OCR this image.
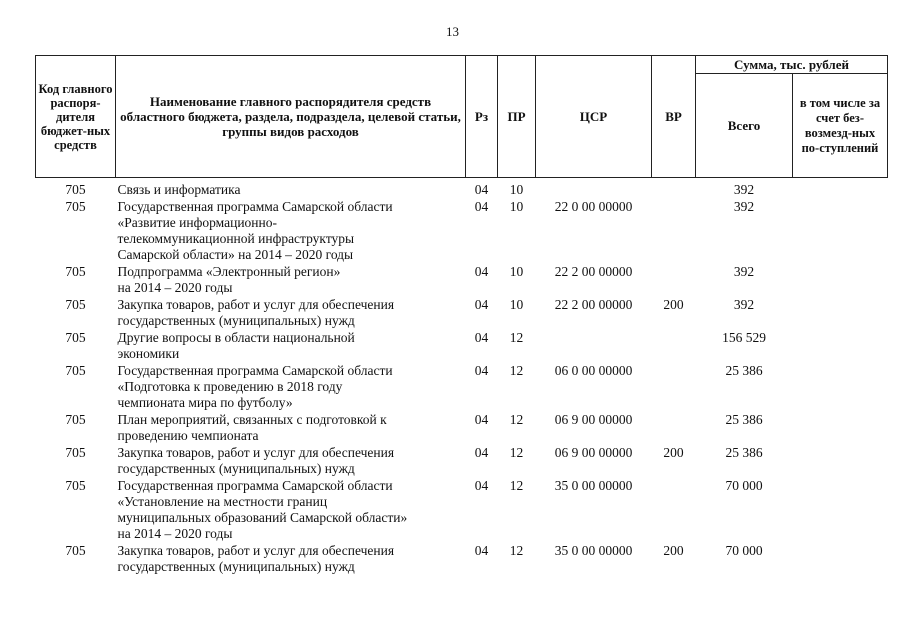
13
Код главного распоря-дителя бюджет-ных средств	Наименование главного распорядителя средств областного бюджета, раздела, подраздела, целевой статьи, группы видов расходов	Рз	ПР	ЦСР	ВР	Сумма, тыс. рублей	
						Всего	в том числе за счет без-возмезд-ных по-ступлений

705	Связь и информатика	04	10			392	
705	Государственная программа Самарской области
«Развитие информационно-
телекоммуникационной инфраструктуры
Самарской области» на 2014 – 2020 годы	04	10	22 0 00 00000		392	
705	Подпрограмма «Электронный регион»
на 2014 – 2020 годы	04	10	22 2 00 00000		392	
705	Закупка товаров, работ и услуг для обеспечения
государственных (муниципальных) нужд	04	10	22 2 00 00000	200	392	
705	Другие вопросы в области национальной
экономики	04	12			156 529	
705	Государственная программа Самарской области
«Подготовка к проведению в 2018 году
чемпионата мира по футболу»	04	12	06 0 00 00000		25 386	
705	План мероприятий, связанных с подготовкой к
проведению чемпионата	04	12	06 9 00 00000		25 386	
705	Закупка товаров, работ и услуг для обеспечения
государственных (муниципальных) нужд	04	12	06 9 00 00000	200	25 386	
705	Государственная программа Самарской области
«Установление на местности границ
муниципальных образований Самарской области»
на 2014 – 2020 годы	04	12	35 0 00 00000		70 000	
705	Закупка товаров, работ и услуг для обеспечения
государственных (муниципальных) нужд	04	12	35 0 00 00000	200	70 000	
